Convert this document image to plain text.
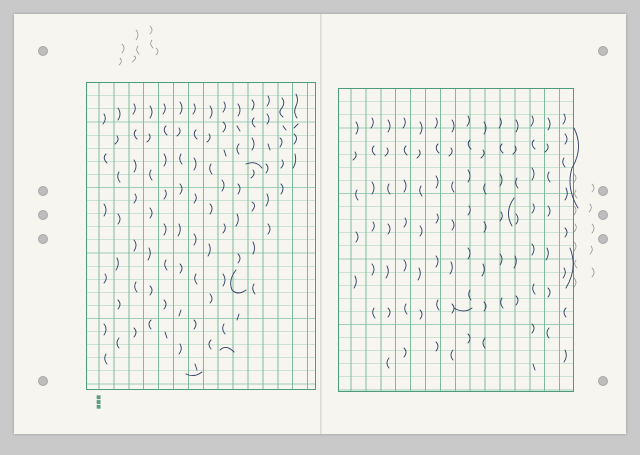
■■■
